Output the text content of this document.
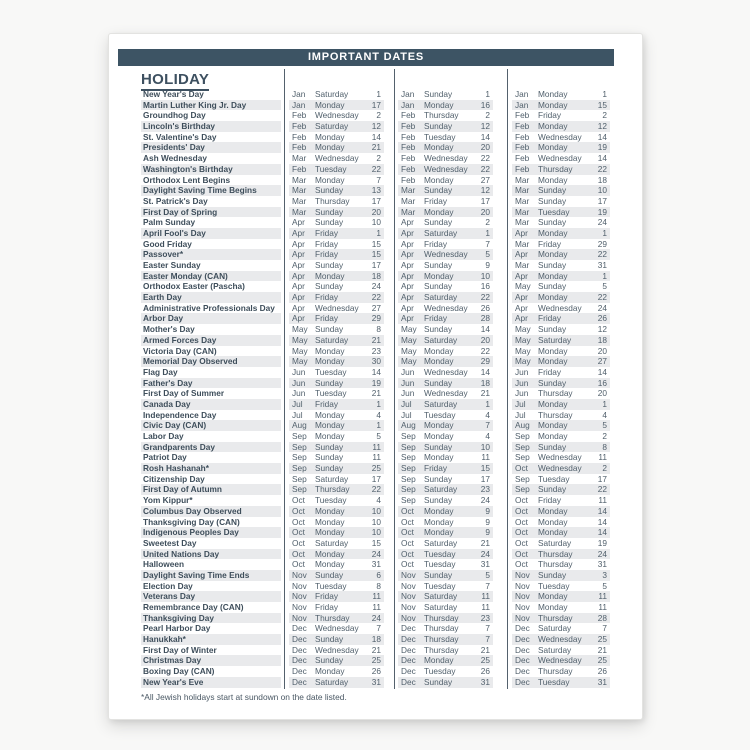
IMPORTANT DATES
HOLIDAY
New Year's Day	Jan	Saturday	1 Jan	Sunday	1	Jan	Monday	1
Martin Luther King Jr. Day	Jan	Monday	17 Jan	Monday	16	Jan	Monday	15
Groundhog Day	Feb	Wednesday	2 Feb	Thursday	2	Feb	Friday	2
Lincoln's Birthday	Feb	Saturday	12 Feb	Sunday	12	Feb	Monday	12
St. Valentine's Day	Feb	Monday	14 Feb	Tuesday	14	Feb	Wednesday	14
Presidents' Day	Feb	Monday	21 Feb	Monday	20	Feb	Monday	19
Ash Wednesday	Mar	Wednesday	2 Feb	Wednesday	22	Feb	Wednesday	14
Washington's Birthday	Feb	Tuesday	22 Feb	Wednesday	22	Feb	Thursday	22
Orthodox Lent Begins	Mar	Monday	7 Feb	Monday	27	Mar	Monday	18
Daylight Saving Time Begins	Mar	Sunday	13 Mar	Sunday	12	Mar	Sunday	10
St. Patrick's Day	Mar	Thursday	17 Mar	Friday	17	Mar	Sunday	17
First Day of Spring	Mar	Sunday	20 Mar	Monday	20	Mar	Tuesday	19
Palm Sunday	Apr	Sunday	10 Apr	Sunday	2	Mar	Sunday	24
April Fool's Day	Apr	Friday	1 Apr	Saturday	1	Apr	Monday	1
Good Friday	Apr	Friday	15 Apr	Friday	7	Mar	Friday	29
Passover*	Apr	Friday	15 Apr	Wednesday	5	Apr	Monday	22
Easter Sunday	Apr	Sunday	17 Apr	Sunday	9	Mar	Sunday	31
Easter Monday (CAN)	Apr	Monday	18 Apr	Monday	10	Apr	Monday	1
Orthodox Easter (Pascha)	Apr	Sunday	24 Apr	Sunday	16	May Sunday	5
Earth Day	Apr	Friday	22 Apr	Saturday	22	Apr	Monday	22
Administrative Professionals Day	Apr	Wednesday	27 Apr	Wednesday	26	Apr	Wednesday	24
Arbor Day	Apr	Friday	29 Apr	Friday	28	Apr	Friday	26
Mother's Day	May Sunday	8 May Sunday	14	May Sunday	12
Armed Forces Day	May Saturday	21 May Saturday	20	May Saturday	18
Victoria Day (CAN)	May Monday	23 May Monday	22	May Monday	20
Memorial Day Observed	May Monday	30 May Monday	29	May Monday	27
Flag Day	Jun	Tuesday	14 Jun	Wednesday	14	Jun	Friday	14
Father's Day	Jun	Sunday	19 Jun	Sunday	18	Jun	Sunday	16
First Day of Summer	Jun	Tuesday	21 Jun	Wednesday	21	Jun	Thursday	20
Canada Day	Jul	Friday	1 Jul	Saturday	1	Jul	Monday	1
Independence Day	Jul	Monday	4 Jul	Tuesday	4	Jul	Thursday	4
Civic Day (CAN)	Aug Monday	1 Aug Monday	7	Aug Monday	5
Labor Day	Sep Monday	5 Sep Monday	4	Sep Monday	2
Grandparents Day	Sep Sunday	11 Sep Sunday	10	Sep Sunday	8
Patriot Day	Sep Sunday	11 Sep Monday	11	Sep Wednesday	11
Rosh Hashanah*	Sep Sunday	25 Sep Friday	15	Oct	Wednesday	2
Citizenship Day	Sep Saturday	17 Sep Sunday	17	Sep Tuesday	17
First Day of Autumn	Sep Thursday	22 Sep Saturday	23	Sep Sunday	22
Yom Kippur*	Oct	Tuesday	4 Sep Sunday	24	Oct	Friday	11
Columbus Day Observed	Oct	Monday	10 Oct	Monday	9	Oct	Monday	14
Thanksgiving Day (CAN)	Oct	Monday	10 Oct	Monday	9	Oct	Monday	14
Indigenous Peoples Day	Oct	Monday	10 Oct	Monday	9	Oct	Monday	14
Sweetest Day	Oct	Saturday	15 Oct	Saturday	21	Oct	Saturday	19
United Nations Day	Oct	Monday	24 Oct	Tuesday	24	Oct	Thursday	24
Halloween	Oct	Monday	31 Oct	Tuesday	31	Oct	Thursday	31
Daylight Saving Time Ends	Nov Sunday	6 Nov Sunday	5	Nov Sunday	3
Election Day	Nov Tuesday	8 Nov Tuesday	7	Nov Tuesday	5
Veterans Day	Nov Friday	11 Nov Saturday	11	Nov Monday	11
Remembrance Day (CAN)	Nov Friday	11 Nov Saturday	11	Nov Monday	11
Thanksgiving Day	Nov Thursday	24 Nov Thursday	23	Nov Thursday	28
Pearl Harbor Day	Dec Wednesday	7 Dec Thursday	7	Dec Saturday	7
Hanukkah*	Dec Sunday	18 Dec Thursday	7	Dec Wednesday	25
First Day of Winter	Dec Wednesday	21 Dec Thursday	21	Dec Saturday	21
Christmas Day	Dec Sunday	25 Dec Monday	25	Dec Wednesday	25
Boxing Day (CAN)	Dec Monday	26 Dec Tuesday	26	Dec Thursday	26
New Year's Eve	Dec Saturday	31 Dec Sunday	31	Dec Tuesday	31
*All Jewish holidays start at sundown on the date listed.
